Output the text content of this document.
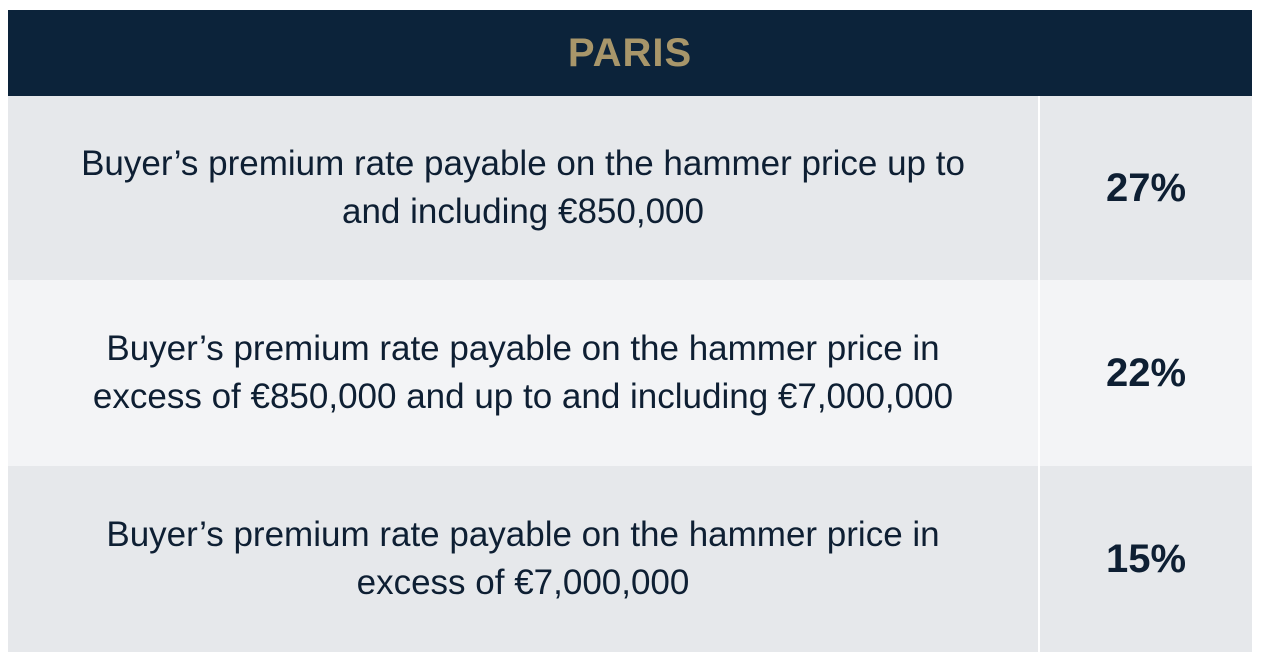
PARIS
Buyer’s premium rate payable on the hammer price up to and including €850,000
27%
Buyer’s premium rate payable on the hammer price in excess of €850,000 and up to and including €7,000,000
22%
Buyer’s premium rate payable on the hammer price in excess of €7,000,000
15%
